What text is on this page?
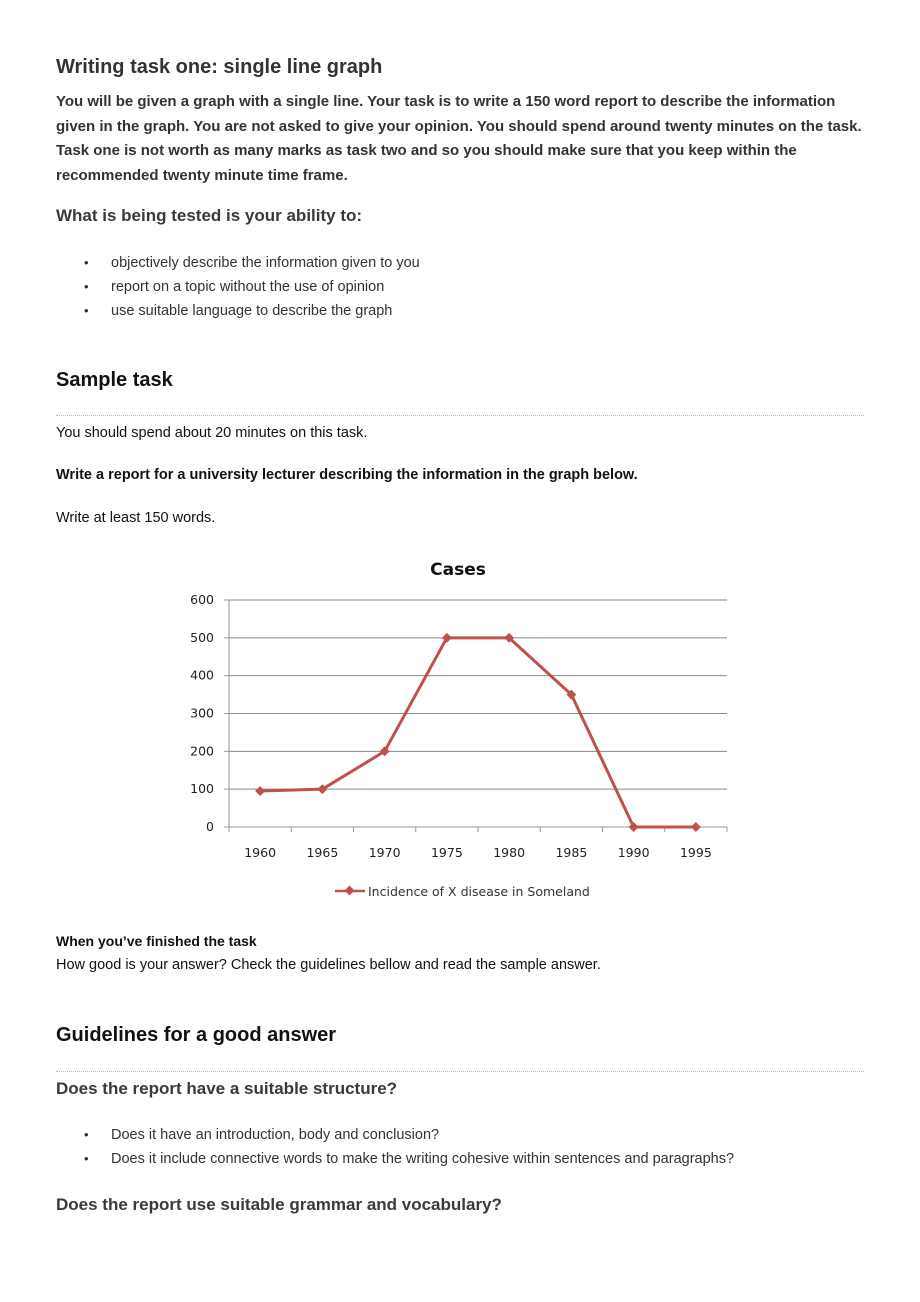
Writing task one: single line graph

You will be given a graph with a single line. Your task is to write a 150 word report to describe the information given in the graph. You are not asked to give your opinion. You should spend around twenty minutes on the task. Task one is not worth as many marks as task two and so you should make sure that you keep within the recommended twenty minute time frame.

What is being tested is your ability to:
• objectively describe the information given to you
• report on a topic without the use of opinion
• use suitable language to describe the graph
Sample task

You should spend about 20 minutes on this task.

Write a report for a university lecturer describing the information in the graph below.

Write at least 150 words.

When you’ve finished the task

How good is your answer? Check the guidelines bellow and read the sample answer.

Guidelines for a good answer
Does the report have a suitable structure?
• Does it have an introduction, body and conclusion?
• Does it include connective words to make the writing cohesive within sentences and paragraphs?
Does the report use suitable grammar and vocabulary?
Cases
0
100
200
300
400
500
600
1960 1965 1970 1975 1980 1985 1990 1995
Incidence of X disease in Someland
